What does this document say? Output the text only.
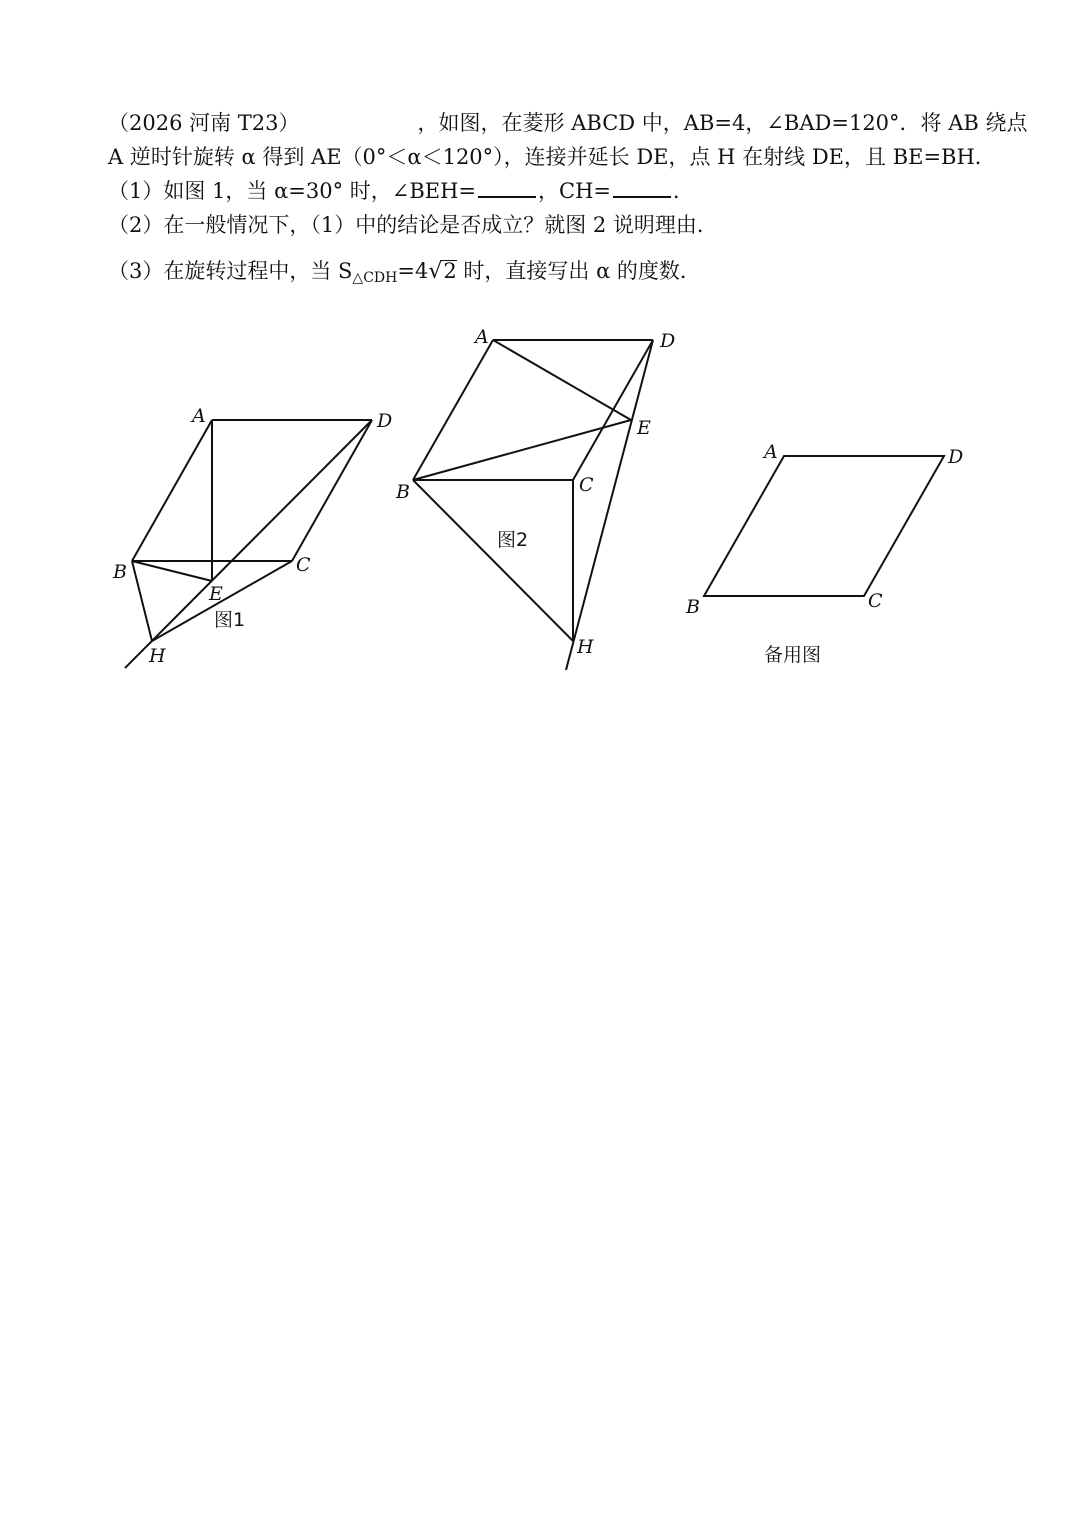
（2026 河南 T23）	，如图，在菱形 ABCD 中，AB=4，∠BAD=120°．将 AB 绕点
A 逆时针旋转 α 得到 AE（0°＜α＜120°），连接并延长 DE，点 H 在射线 DE，且 BE=BH．
（1）如图 1，当 α=30° 时，∠BEH=	，CH=	．
（2）在一般情况下，（1）中的结论是否成立？就图 2 说明理由．
（3）在旋转过程中，当 $S_{\triangle CDH}=4√2$ 时，直接写出 α 的度数．
A	D
B	C
E
H
图1
A	D
E
B	C
H
图2
A	D
B	C
备用图
